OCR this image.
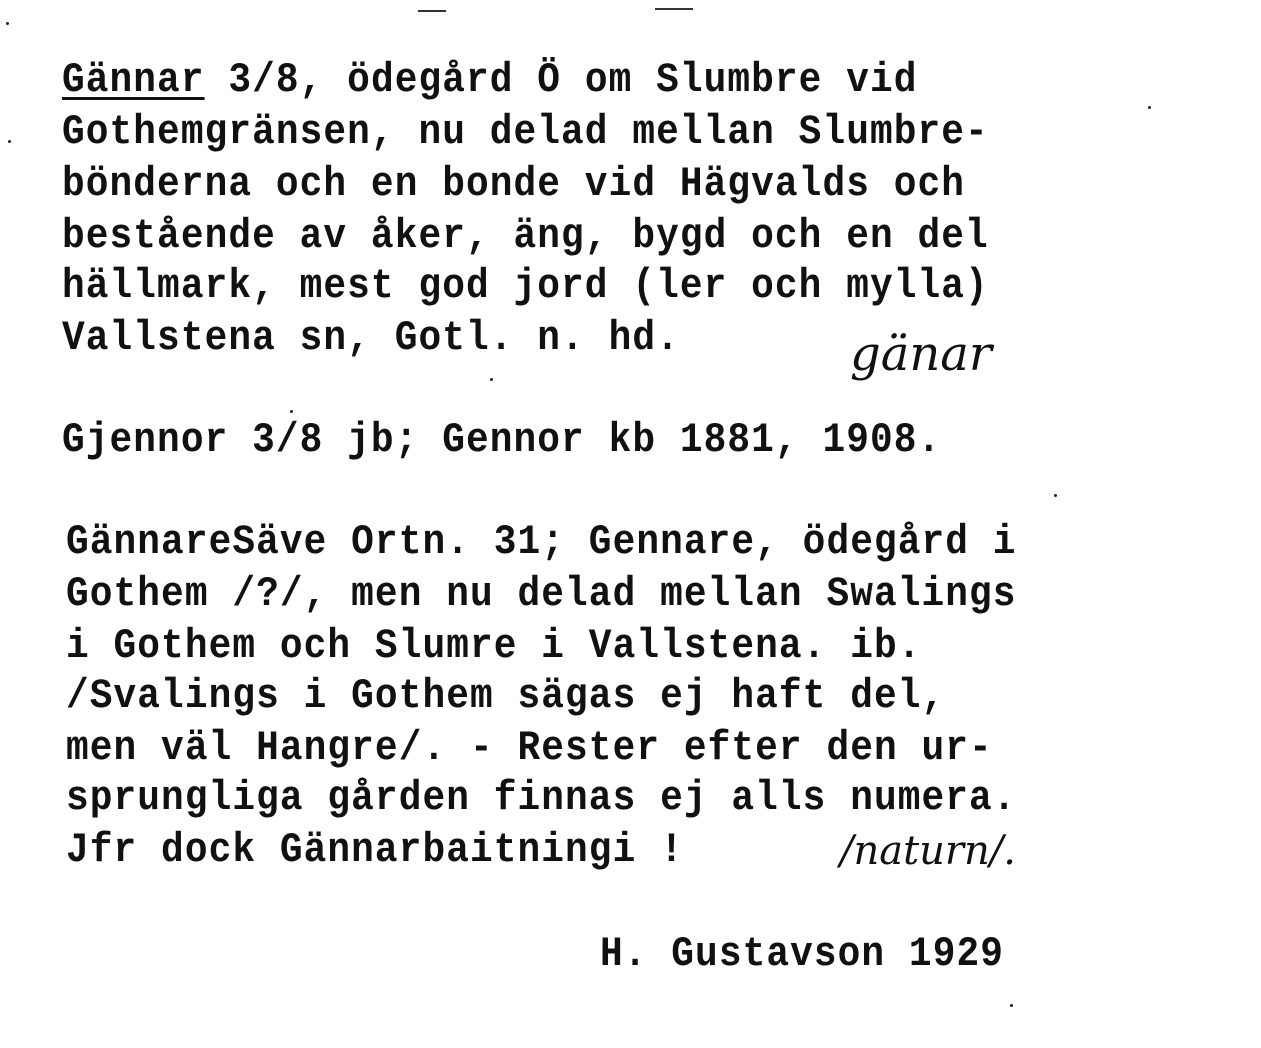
Gännar 3/8, ödegård Ö om Slumbre vid
Gothemgränsen, nu delad mellan Slumbre-
bönderna och en bonde vid Hägvalds och
bestående av åker, äng, bygd och en del
hällmark, mest god jord (ler och mylla)
Vallstena sn, Gotl. n. hd.	gänar
Gjennor 3/8 jb; Gennor kb 1881, 1908.
GännareSäve Ortn. 31; Gennare, ödegård i
Gothem /?/, men nu delad mellan Swalings
i Gothem och Slumre i Vallstena. ib.
/Svalings i Gothem sägas ej haft del,
men väl Hangre/. - Rester efter den ur-
sprungliga gården finnas ej alls numera.
Jfr dock Gännarbaitningi !	/naturn/.
H. Gustavson 1929
